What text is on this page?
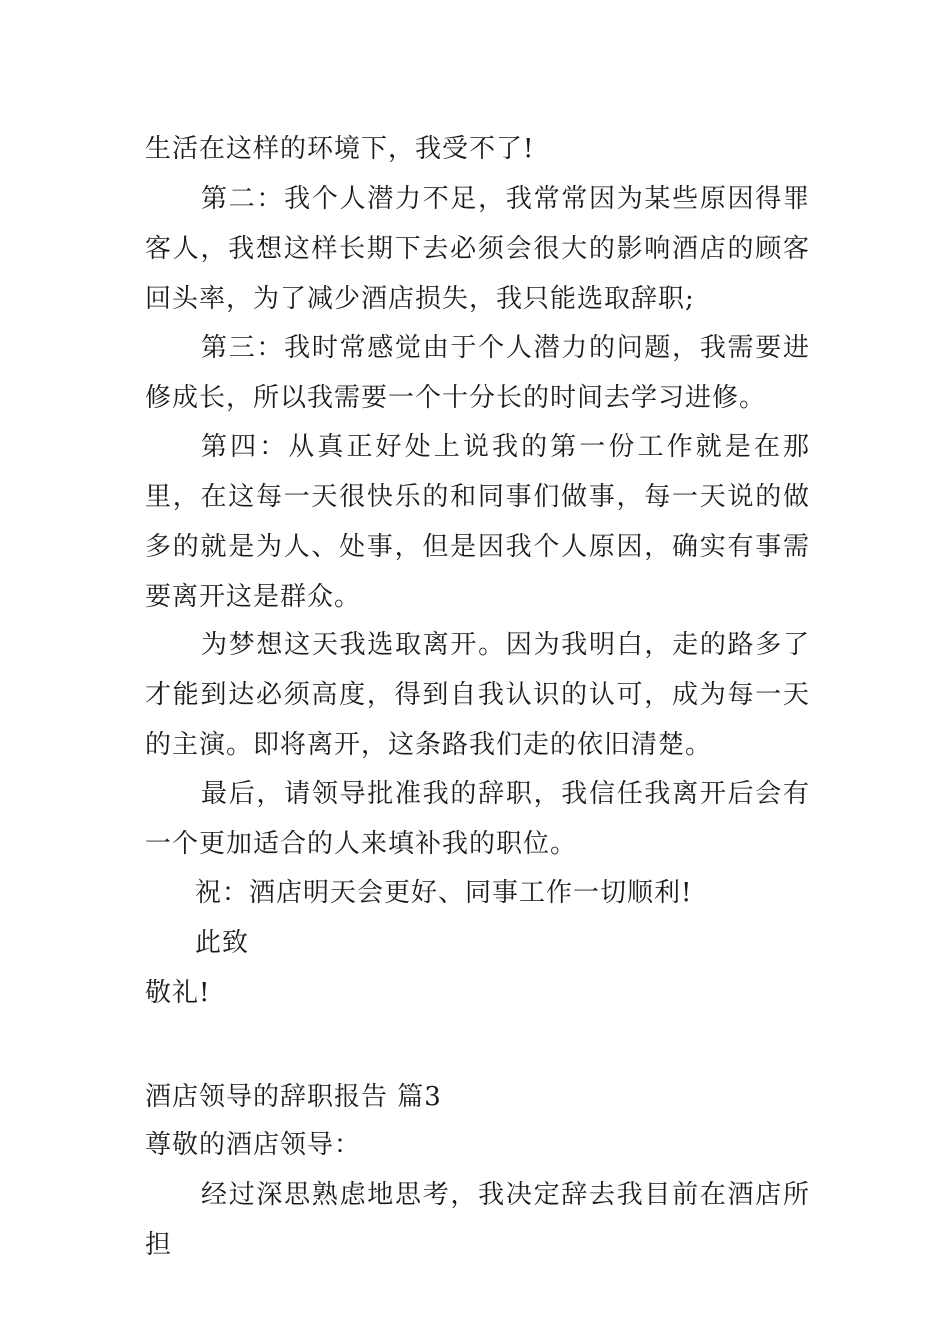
生活在这样的环境下，我受不了!

第二：我个人潜力不足，我常常因为某些原因得罪客人，我想这样长期下去必须会很大的影响酒店的顾客回头率，为了减少酒店损失，我只能选取辞职;

第三：我时常感觉由于个人潜力的问题，我需要进修成长，所以我需要一个十分长的时间去学习进修。

第四：从真正好处上说我的第一份工作就是在那里，在这每一天很快乐的和同事们做事，每一天说的做多的就是为人、处事，但是因我个人原因，确实有事需要离开这是群众。

为梦想这天我选取离开。因为我明白，走的路多了才能到达必须高度，得到自我认识的认可，成为每一天的主演。即将离开，这条路我们走的依旧清楚。

最后，请领导批准我的辞职，我信任我离开后会有一个更加适合的人来填补我的职位。

祝：酒店明天会更好、同事工作一切顺利!

此致

敬礼!

酒店领导的辞职报告 篇3

尊敬的酒店领导：

经过深思熟虑地思考，我决定辞去我目前在酒店所担
